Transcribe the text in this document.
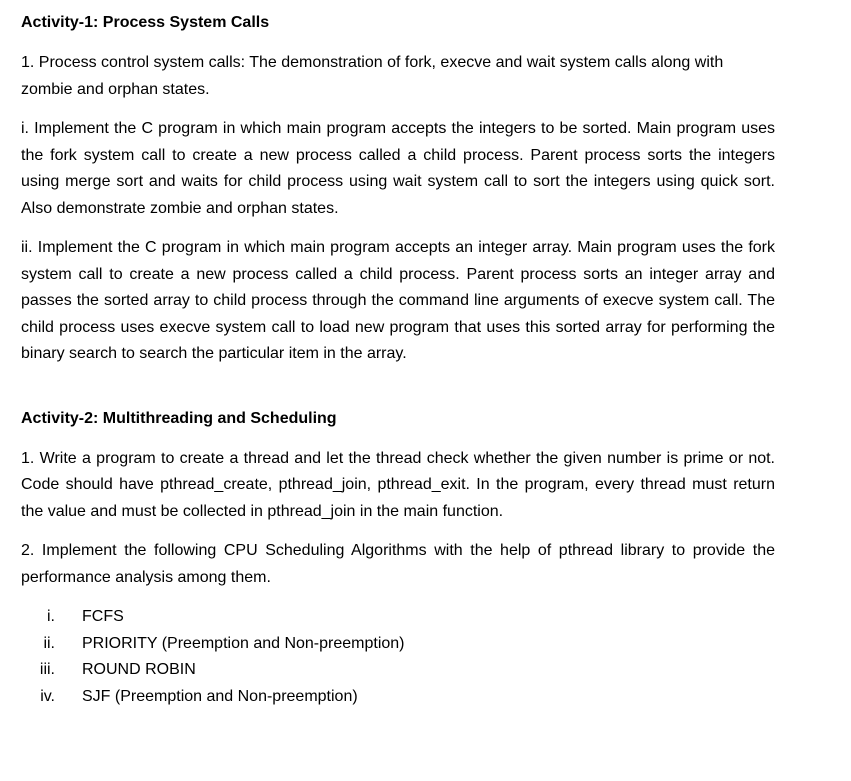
Activity-1: Process System Calls

1. Process control system calls: The demonstration of fork, execve and wait system calls along with zombie and orphan states.

i. Implement the C program in which main program accepts the integers to be sorted. Main program uses the fork system call to create a new process called a child process. Parent process sorts the integers using merge sort and waits for child process using wait system call to sort the integers using quick sort. Also demonstrate zombie and orphan states.

ii. Implement the C program in which main program accepts an integer array. Main program uses the fork system call to create a new process called a child process. Parent process sorts an integer array and passes the sorted array to child process through the command line arguments of execve system call. The child process uses execve system call to load new program that uses this sorted array for performing the binary search to search the particular item in the array.

Activity-2: Multithreading and Scheduling

1. Write a program to create a thread and let the thread check whether the given number is prime or not. Code should have pthread_create, pthread_join, pthread_exit. In the program, every thread must return the value and must be collected in pthread_join in the main function.

2. Implement the following CPU Scheduling Algorithms with the help of pthread library to provide the performance analysis among them.

i. FCFS
ii. PRIORITY (Preemption and Non-preemption)
iii. ROUND ROBIN
iv. SJF (Preemption and Non-preemption)
